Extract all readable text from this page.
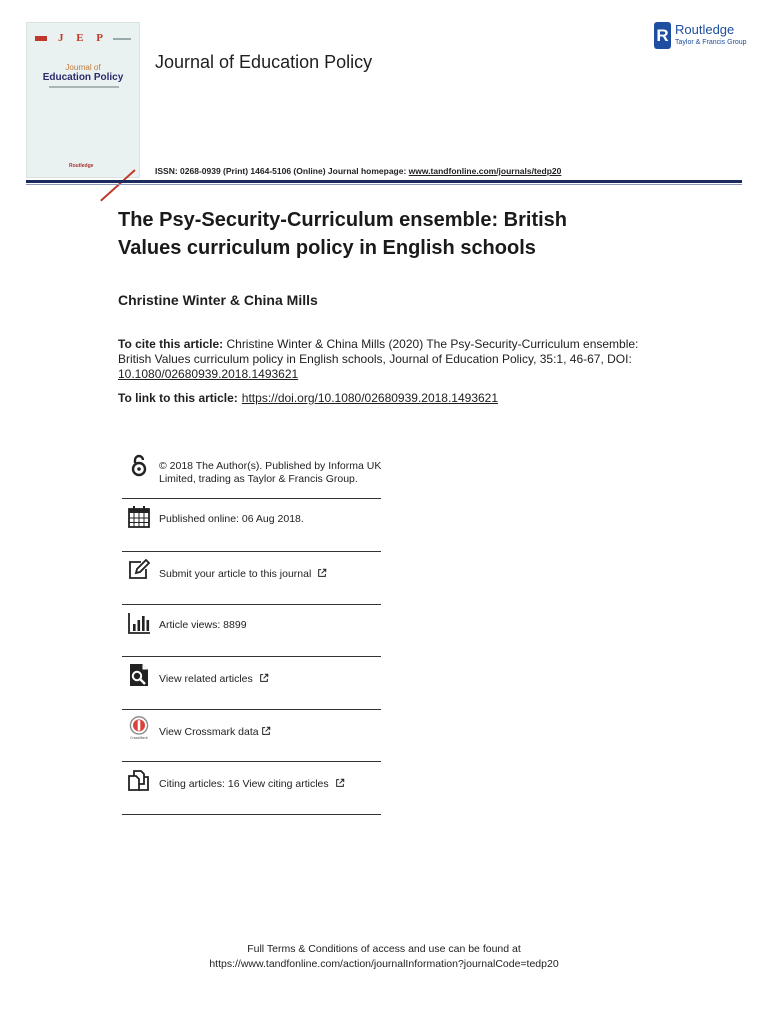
J E P
Journal of
Education Policy
Routledge
Journal of Education Policy
R Routledge
Taylor & Francis Group
ISSN: 0268-0939 (Print) 1464-5106 (Online) Journal homepage: www.tandfonline.com/journals/tedp20
The Psy-Security-Curriculum ensemble: British
Values curriculum policy in English schools
Christine Winter & China Mills
To cite this article: Christine Winter & China Mills (2020) The Psy-Security-Curriculum ensemble: British Values curriculum policy in English schools, Journal of Education Policy, 35:1, 46-67, DOI: 10.1080/02680939.2018.1493621
To link to this article: https://doi.org/10.1080/02680939.2018.1493621
© 2018 The Author(s). Published by Informa UK Limited, trading as Taylor & Francis Group.
Published online: 06 Aug 2018.
Submit your article to this journal
Article views: 8899
View related articles
CrossMark
View Crossmark data
Citing articles: 16 View citing articles
Full Terms & Conditions of access and use can be found at
https://www.tandfonline.com/action/journalInformation?journalCode=tedp20
